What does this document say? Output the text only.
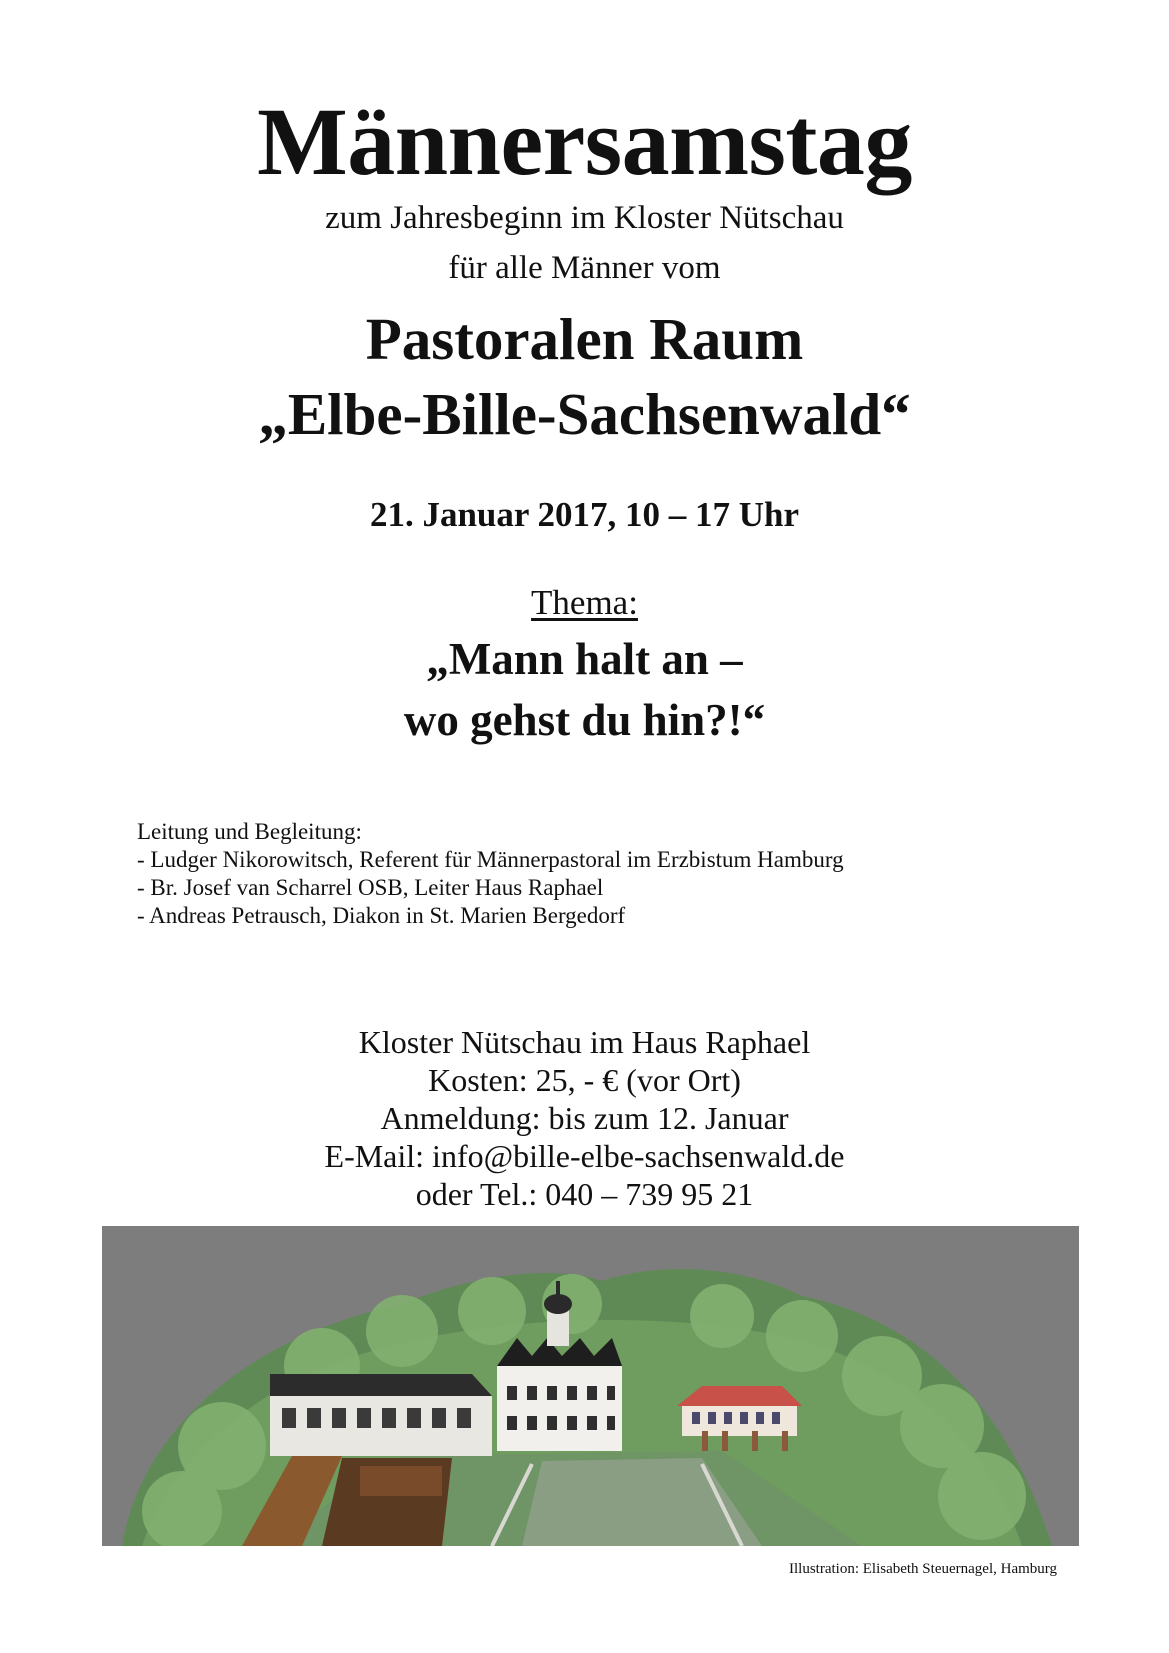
Männersamstag
zum Jahresbeginn im Kloster Nütschau
für alle Männer vom
Pastoralen Raum
„Elbe-Bille-Sachsenwald“
21. Januar 2017, 10 – 17 Uhr
Thema:
„Mann halt an –
wo gehst du hin?!“
Leitung und Begleitung:
- Ludger Nikorowitsch, Referent für Männerpastoral im Erzbistum Hamburg
- Br. Josef van Scharrel OSB, Leiter Haus Raphael
- Andreas Petrausch, Diakon in St. Marien Bergedorf
Kloster Nütschau im Haus Raphael
Kosten: 25, - € (vor Ort)
Anmeldung: bis zum 12. Januar
E-Mail: info@bille-elbe-sachsenwald.de
oder Tel.: 040 – 739 95 21
Illustration: Elisabeth Steuernagel, Hamburg
